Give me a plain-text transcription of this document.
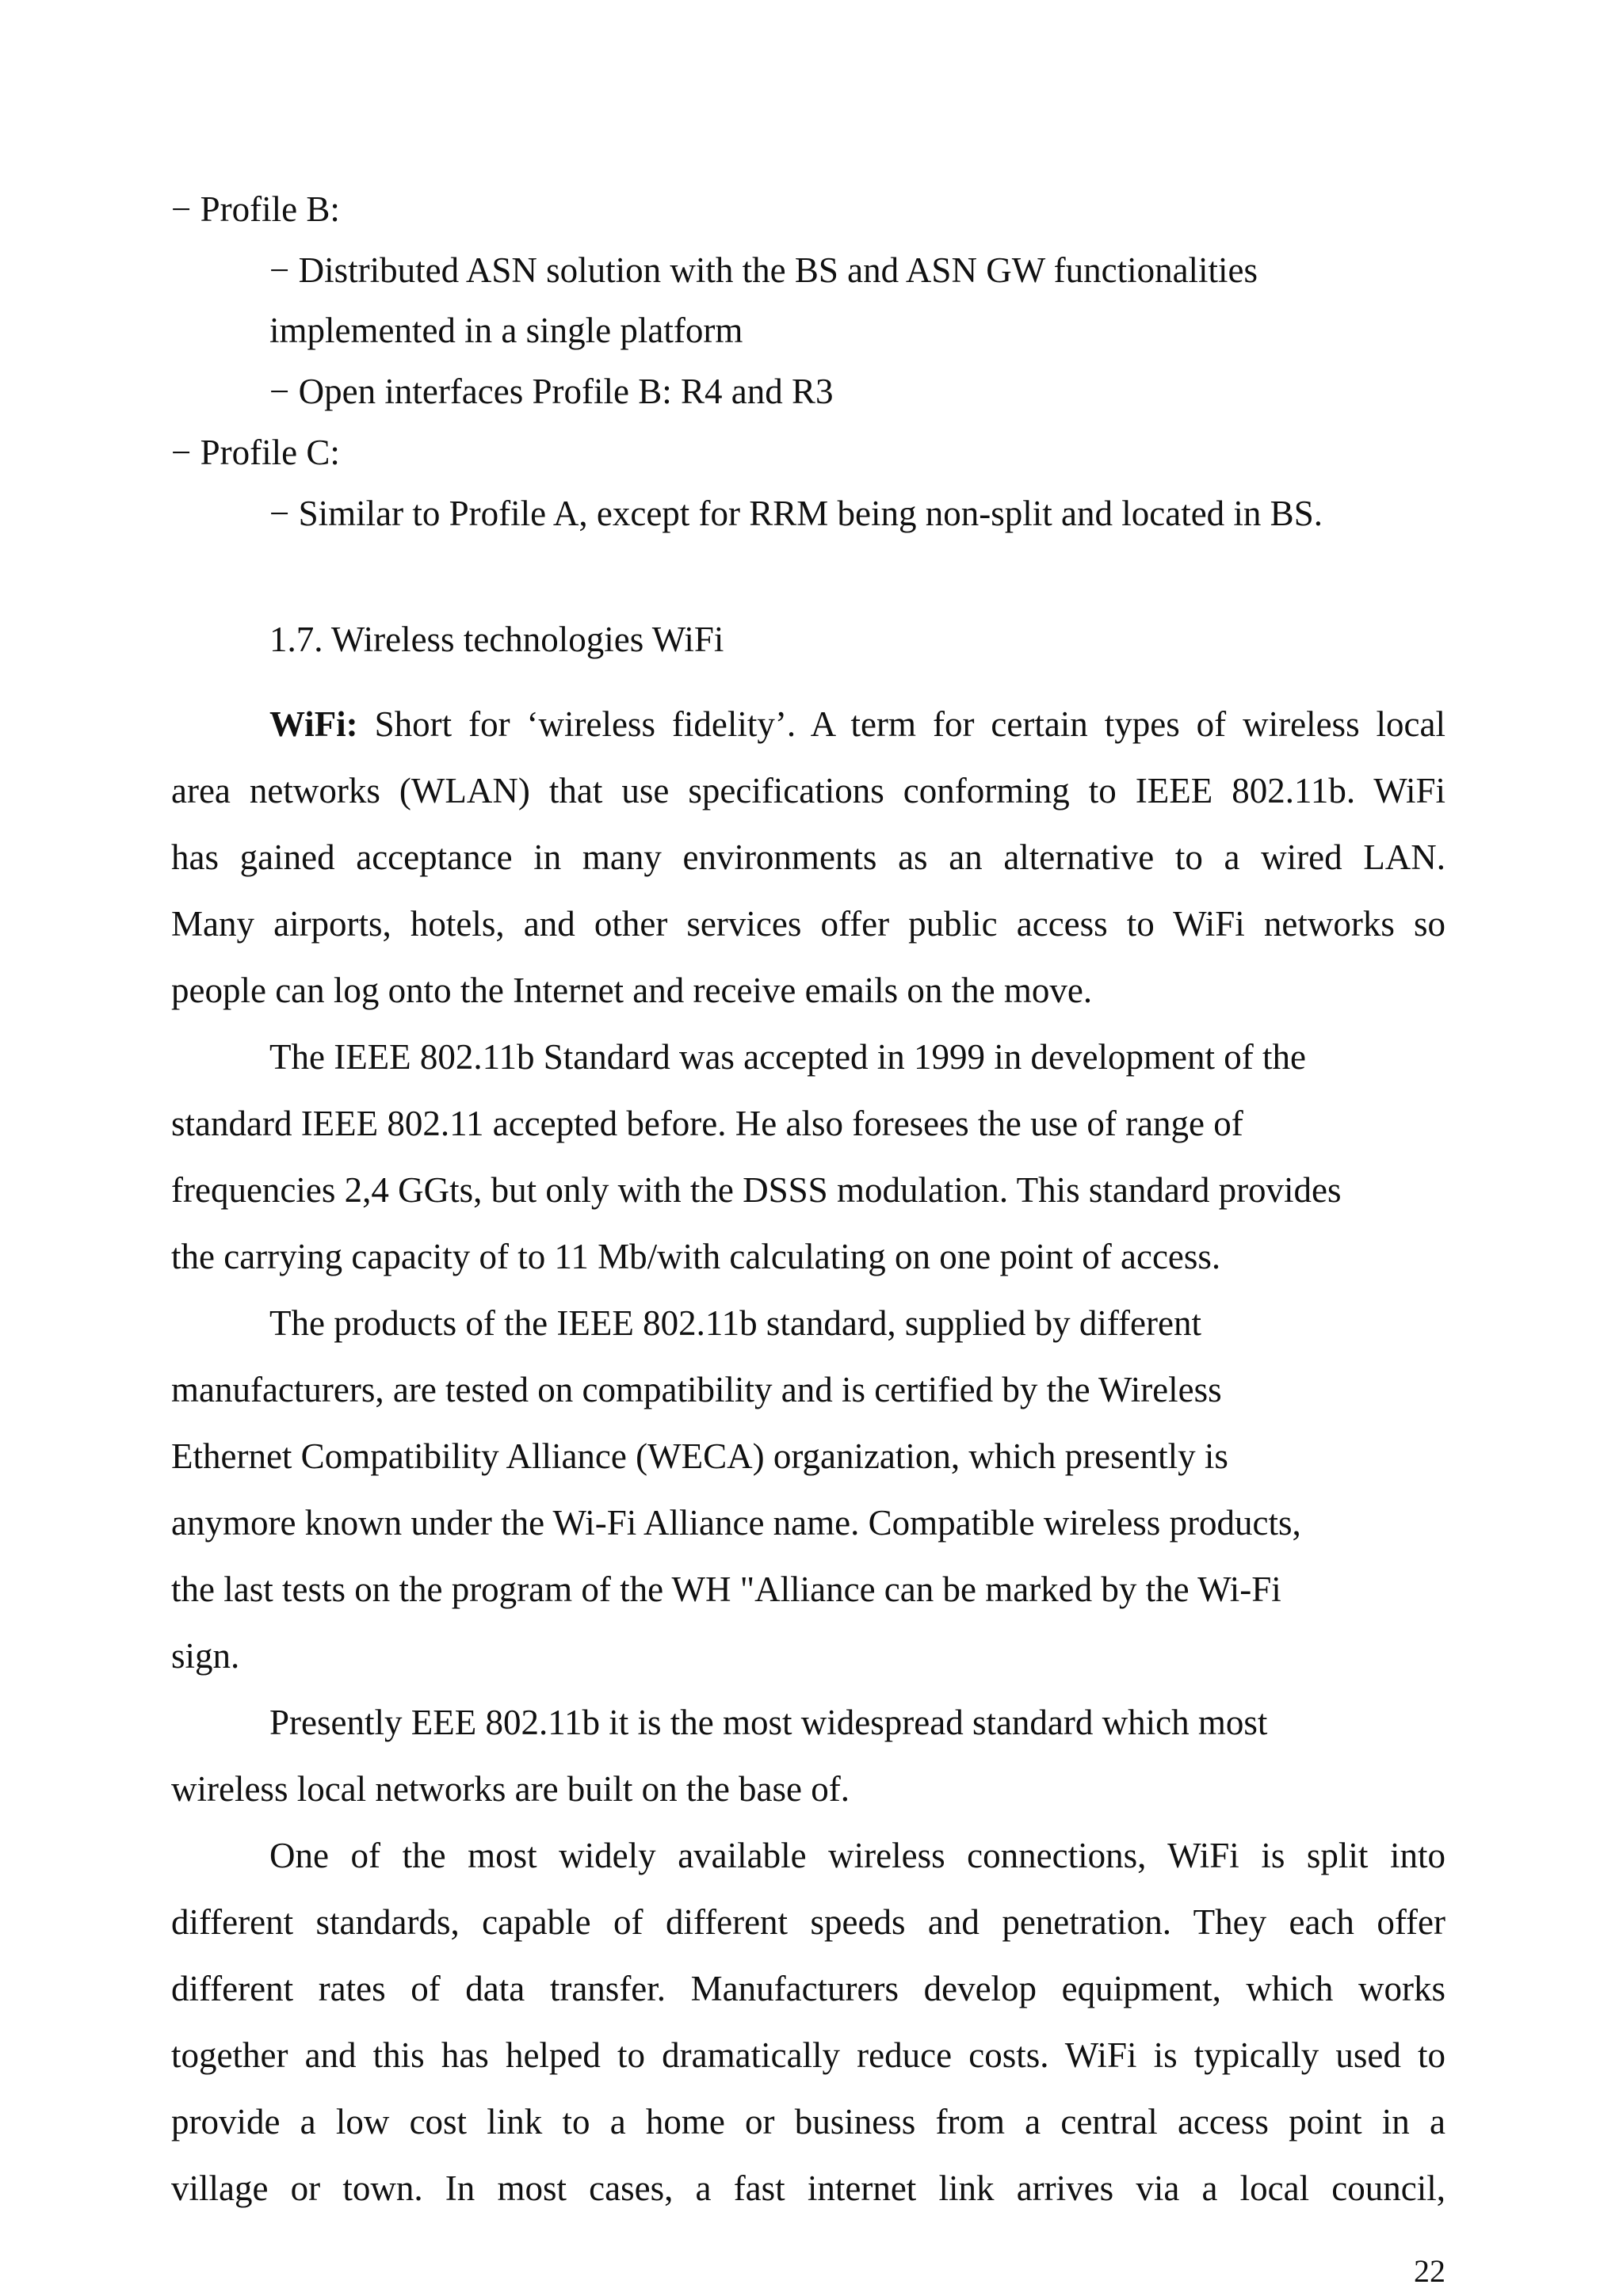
− Profile B:
− Distributed ASN solution with the BS and ASN GW functionalities
implemented in a single platform
− Open interfaces Profile B: R4 and R3
− Profile C:
− Similar to Profile A, except for RRM being non-split and located in BS.
1.7. Wireless technologies WiFi
WiFi: Short for ‘wireless fidelity’. A term for certain types of wireless local
area networks (WLAN) that use specifications conforming to IEEE 802.11b. WiFi
has gained acceptance in many environments as an alternative to a wired LAN.
Many airports, hotels, and other services offer public access to WiFi networks so
people can log onto the Internet and receive emails on the move.
The IEEE 802.11b Standard was accepted in 1999 in development of the
standard IEEE 802.11 accepted before. He also foresees the use of range of
frequencies 2,4 GGts, but only with the DSSS modulation. This standard provides
the carrying capacity of to 11 Mb/with calculating on one point of access.
The products of the IEEE 802.11b standard, supplied by different
manufacturers, are tested on compatibility and is certified by the Wireless
Ethernet Compatibility Alliance (WECA) organization, which presently is
anymore known under the Wi-Fi Alliance name. Compatible wireless products,
the last tests on the program of the WH "Alliance can be marked by the Wi-Fi
sign.
Presently EEE 802.11b it is the most widespread standard which most
wireless local networks are built on the base of.
One of the most widely available wireless connections, WiFi is split into
different standards, capable of different speeds and penetration. They each offer
different rates of data transfer. Manufacturers develop equipment, which works
together and this has helped to dramatically reduce costs. WiFi is typically used to
provide a low cost link to a home or business from a central access point in a
village or town. In most cases, a fast internet link arrives via a local council,
22
